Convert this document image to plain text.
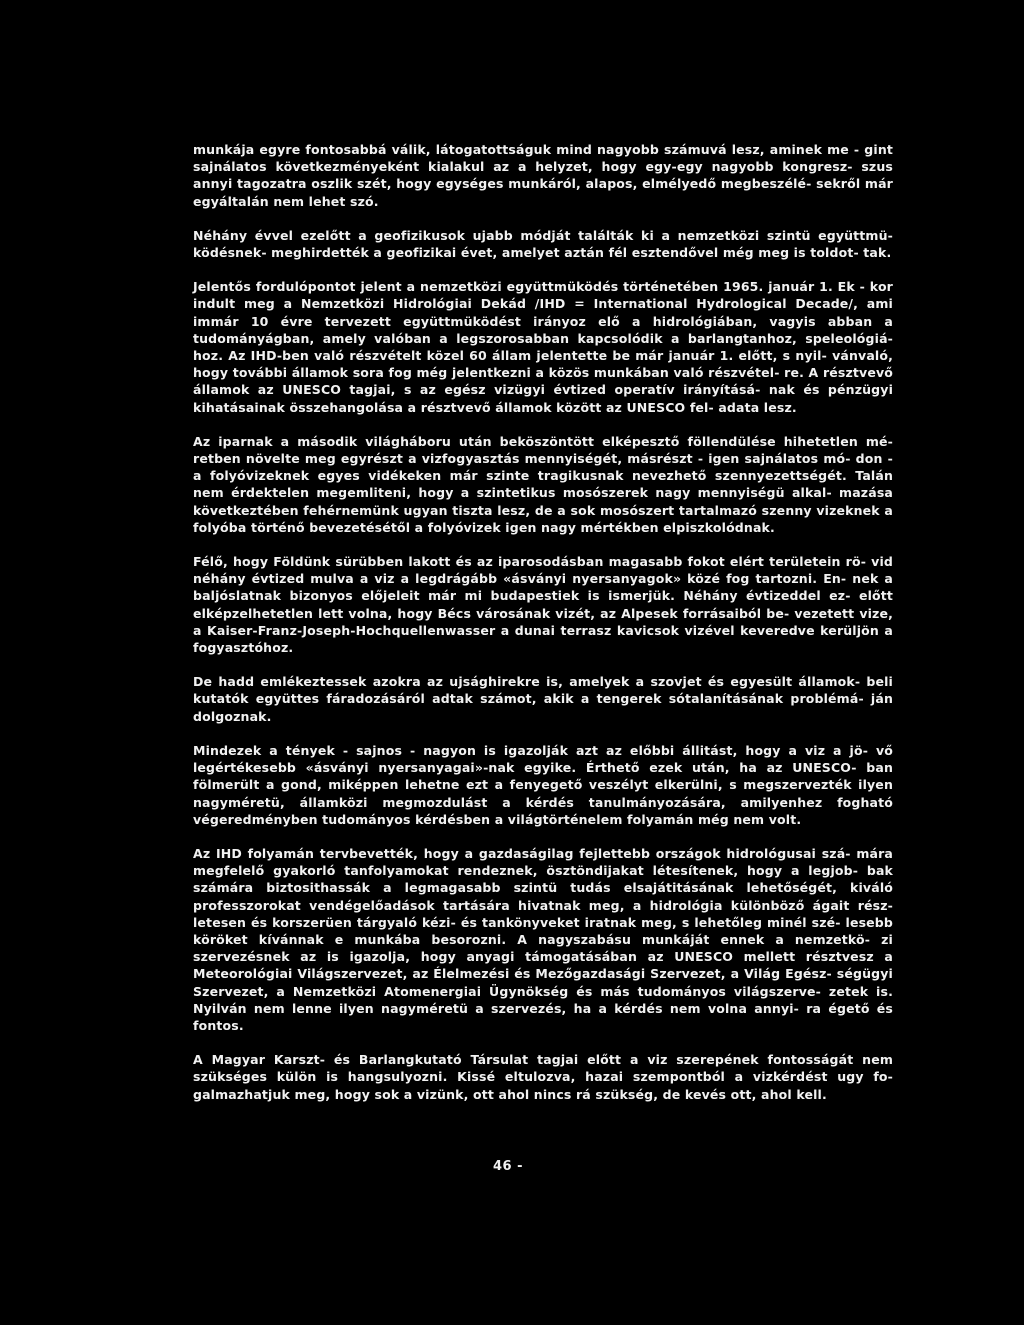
munkája egyre fontosabbá válik, látogatottságuk mind nagyobb számuvá lesz, aminek me - gint sajnálatos következményeként kialakul az a helyzet, hogy egy-egy nagyobb kongresz- szus annyi tagozatra oszlik szét, hogy egységes munkáról, alapos, elmélyedő megbeszélé- sekről már egyáltalán nem lehet szó.

Néhány évvel ezelőtt a geofizikusok ujabb módját találták ki a nemzetközi szintü együttmü- ködésnek- meghirdették a geofizikai évet, amelyet aztán fél esztendővel még meg is toldot- tak.

Jelentős fordulópontot jelent a nemzetközi együttmüködés történetében 1965. január 1. Ek - kor indult meg a Nemzetközi Hidrológiai Dekád /IHD = International Hydrological Decade/, ami immár 10 évre tervezett együttmüködést irányoz elő a hidrológiában, vagyis abban a tudományágban, amely valóban a legszorosabban kapcsolódik a barlangtanhoz, speleológiá- hoz. Az IHD-ben való részvételt közel 60 állam jelentette be már január 1. előtt, s nyil- vánvaló, hogy további államok sora fog még jelentkezni a közös munkában való részvétel- re. A résztvevő államok az UNESCO tagjai, s az egész vizügyi évtized operatív irányításá- nak és pénzügyi kihatásainak összehangolása a résztvevő államok között az UNESCO fel- adata lesz.

Az iparnak a második világháboru után beköszöntött elképesztő föllendülése hihetetlen mé- retben növelte meg egyrészt a vizfogyasztás mennyiségét, másrészt - igen sajnálatos mó- don - a folyóvizeknek egyes vidékeken már szinte tragikusnak nevezhető szennyezettségét. Talán nem érdektelen megemliteni, hogy a szintetikus mosószerek nagy mennyiségü alkal- mazása következtében fehérnemünk ugyan tiszta lesz, de a sok mosószert tartalmazó szenny vizeknek a folyóba történő bevezetésétől a folyóvizek igen nagy mértékben elpiszkolódnak.

Félő, hogy Földünk sürübben lakott és az iparosodásban magasabb fokot elért területein rö- vid néhány évtized mulva a viz a legdrágább «ásványi nyersanyagok» közé fog tartozni. En- nek a baljóslatnak bizonyos előjeleit már mi budapestiek is ismerjük. Néhány évtizeddel ez- előtt elképzelhetetlen lett volna, hogy Bécs városának vizét, az Alpesek forrásaiból be- vezetett vize, a Kaiser-Franz-Joseph-Hochquellenwasser a dunai terrasz kavicsok vizével keveredve kerüljön a fogyasztóhoz.

De hadd emlékeztessek azokra az ujsághirekre is, amelyek a szovjet és egyesült államok- beli kutatók együttes fáradozásáról adtak számot, akik a tengerek sótalanításának problémá- ján dolgoznak.

Mindezek a tények - sajnos - nagyon is igazolják azt az előbbi állitást, hogy a viz a jö- vő legértékesebb «ásványi nyersanyagai»-nak egyike. Érthető ezek után, ha az UNESCO- ban fölmerült a gond, miképpen lehetne ezt a fenyegető veszélyt elkerülni, s megszervezték ilyen nagyméretü, államközi megmozdulást a kérdés tanulmányozására, amilyenhez fogható végeredményben tudományos kérdésben a világtörténelem folyamán még nem volt.

Az IHD folyamán tervbevették, hogy a gazdaságilag fejlettebb országok hidrológusai szá- mára megfelelő gyakorló tanfolyamokat rendeznek, ösztöndijakat létesítenek, hogy a legjob- bak számára biztosithassák a legmagasabb szintü tudás elsajátitásának lehetőségét, kiváló professzorokat vendégelőadások tartására hivatnak meg, a hidrológia különböző ágait rész- letesen és korszerüen tárgyaló kézi- és tankönyveket iratnak meg, s lehetőleg minél szé- lesebb köröket kívánnak e munkába besorozni. A nagyszabásu munkáját ennek a nemzetkö- zi szervezésnek az is igazolja, hogy anyagi támogatásában az UNESCO mellett résztvesz a Meteorológiai Világszervezet, az Élelmezési és Mezőgazdasági Szervezet, a Világ Egész- ségügyi Szervezet, a Nemzetközi Atomenergiai Ügynökség és más tudományos világszerve- zetek is. Nyilván nem lenne ilyen nagyméretü a szervezés, ha a kérdés nem volna annyi- ra égető és fontos.

A Magyar Karszt- és Barlangkutató Társulat tagjai előtt a viz szerepének fontosságát nem szükséges külön is hangsulyozni. Kissé eltulozva, hazai szempontból a vizkérdést ugy fo- galmazhatjuk meg, hogy sok a vizünk, ott ahol nincs rá szükség, de kevés ott, ahol kell.

46 -
